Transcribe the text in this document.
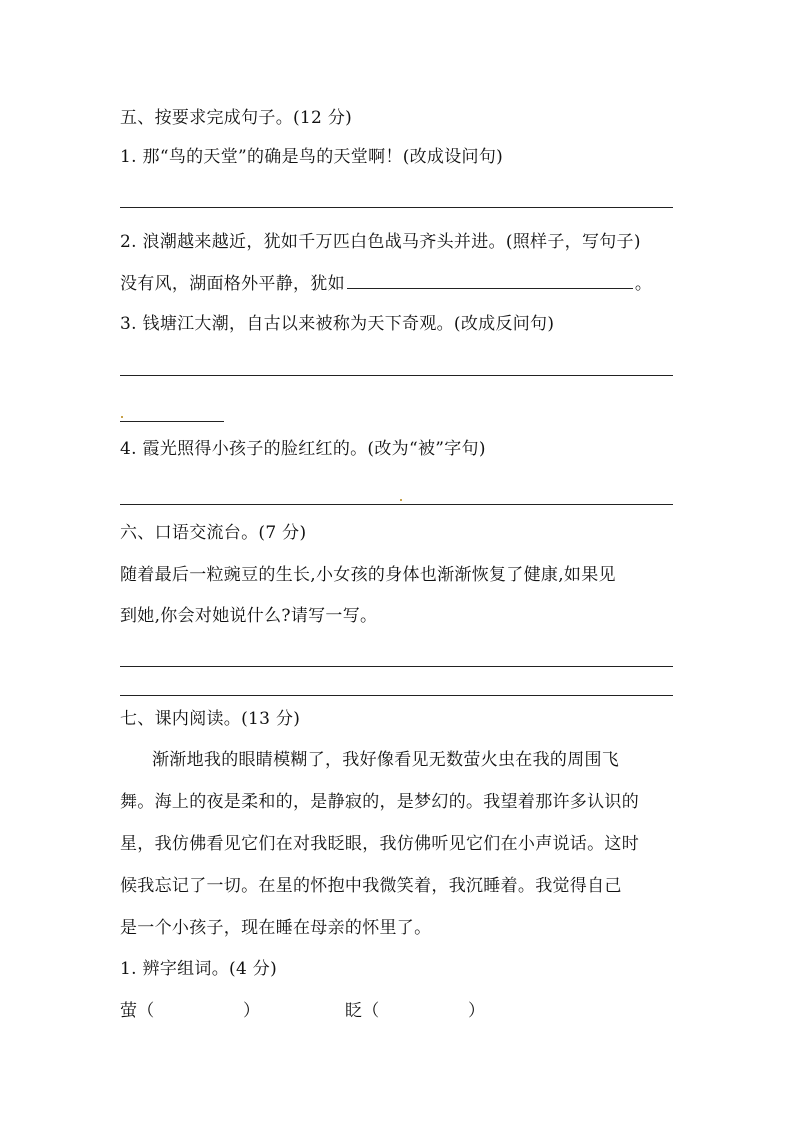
五、按要求完成句子。(12 分)
1. 那“鸟的天堂”的确是鸟的天堂啊！(改成设问句)
2. 浪潮越来越近，犹如千万匹白色战马齐头并进。(照样子，写句子)
没有风，湖面格外平静，犹如	。
3. 钱塘江大潮，自古以来被称为天下奇观。(改成反问句)
4. 霞光照得小孩子的脸红红的。(改为“被”字句)
六、口语交流台。(7 分)
随着最后一粒豌豆的生长,小女孩的身体也渐渐恢复了健康,如果见
到她,你会对她说什么?请写一写。
七、课内阅读。(13 分)
渐渐地我的眼睛模糊了，我好像看见无数萤火虫在我的周围飞
舞。海上的夜是柔和的，是静寂的，是梦幻的。我望着那许多认识的
星，我仿佛看见它们在对我眨眼，我仿佛听见它们在小声说话。这时
候我忘记了一切。在星的怀抱中我微笑着，我沉睡着。我觉得自己
是一个小孩子，现在睡在母亲的怀里了。
1. 辨字组词。(4 分)
萤（	）	眨（	）
